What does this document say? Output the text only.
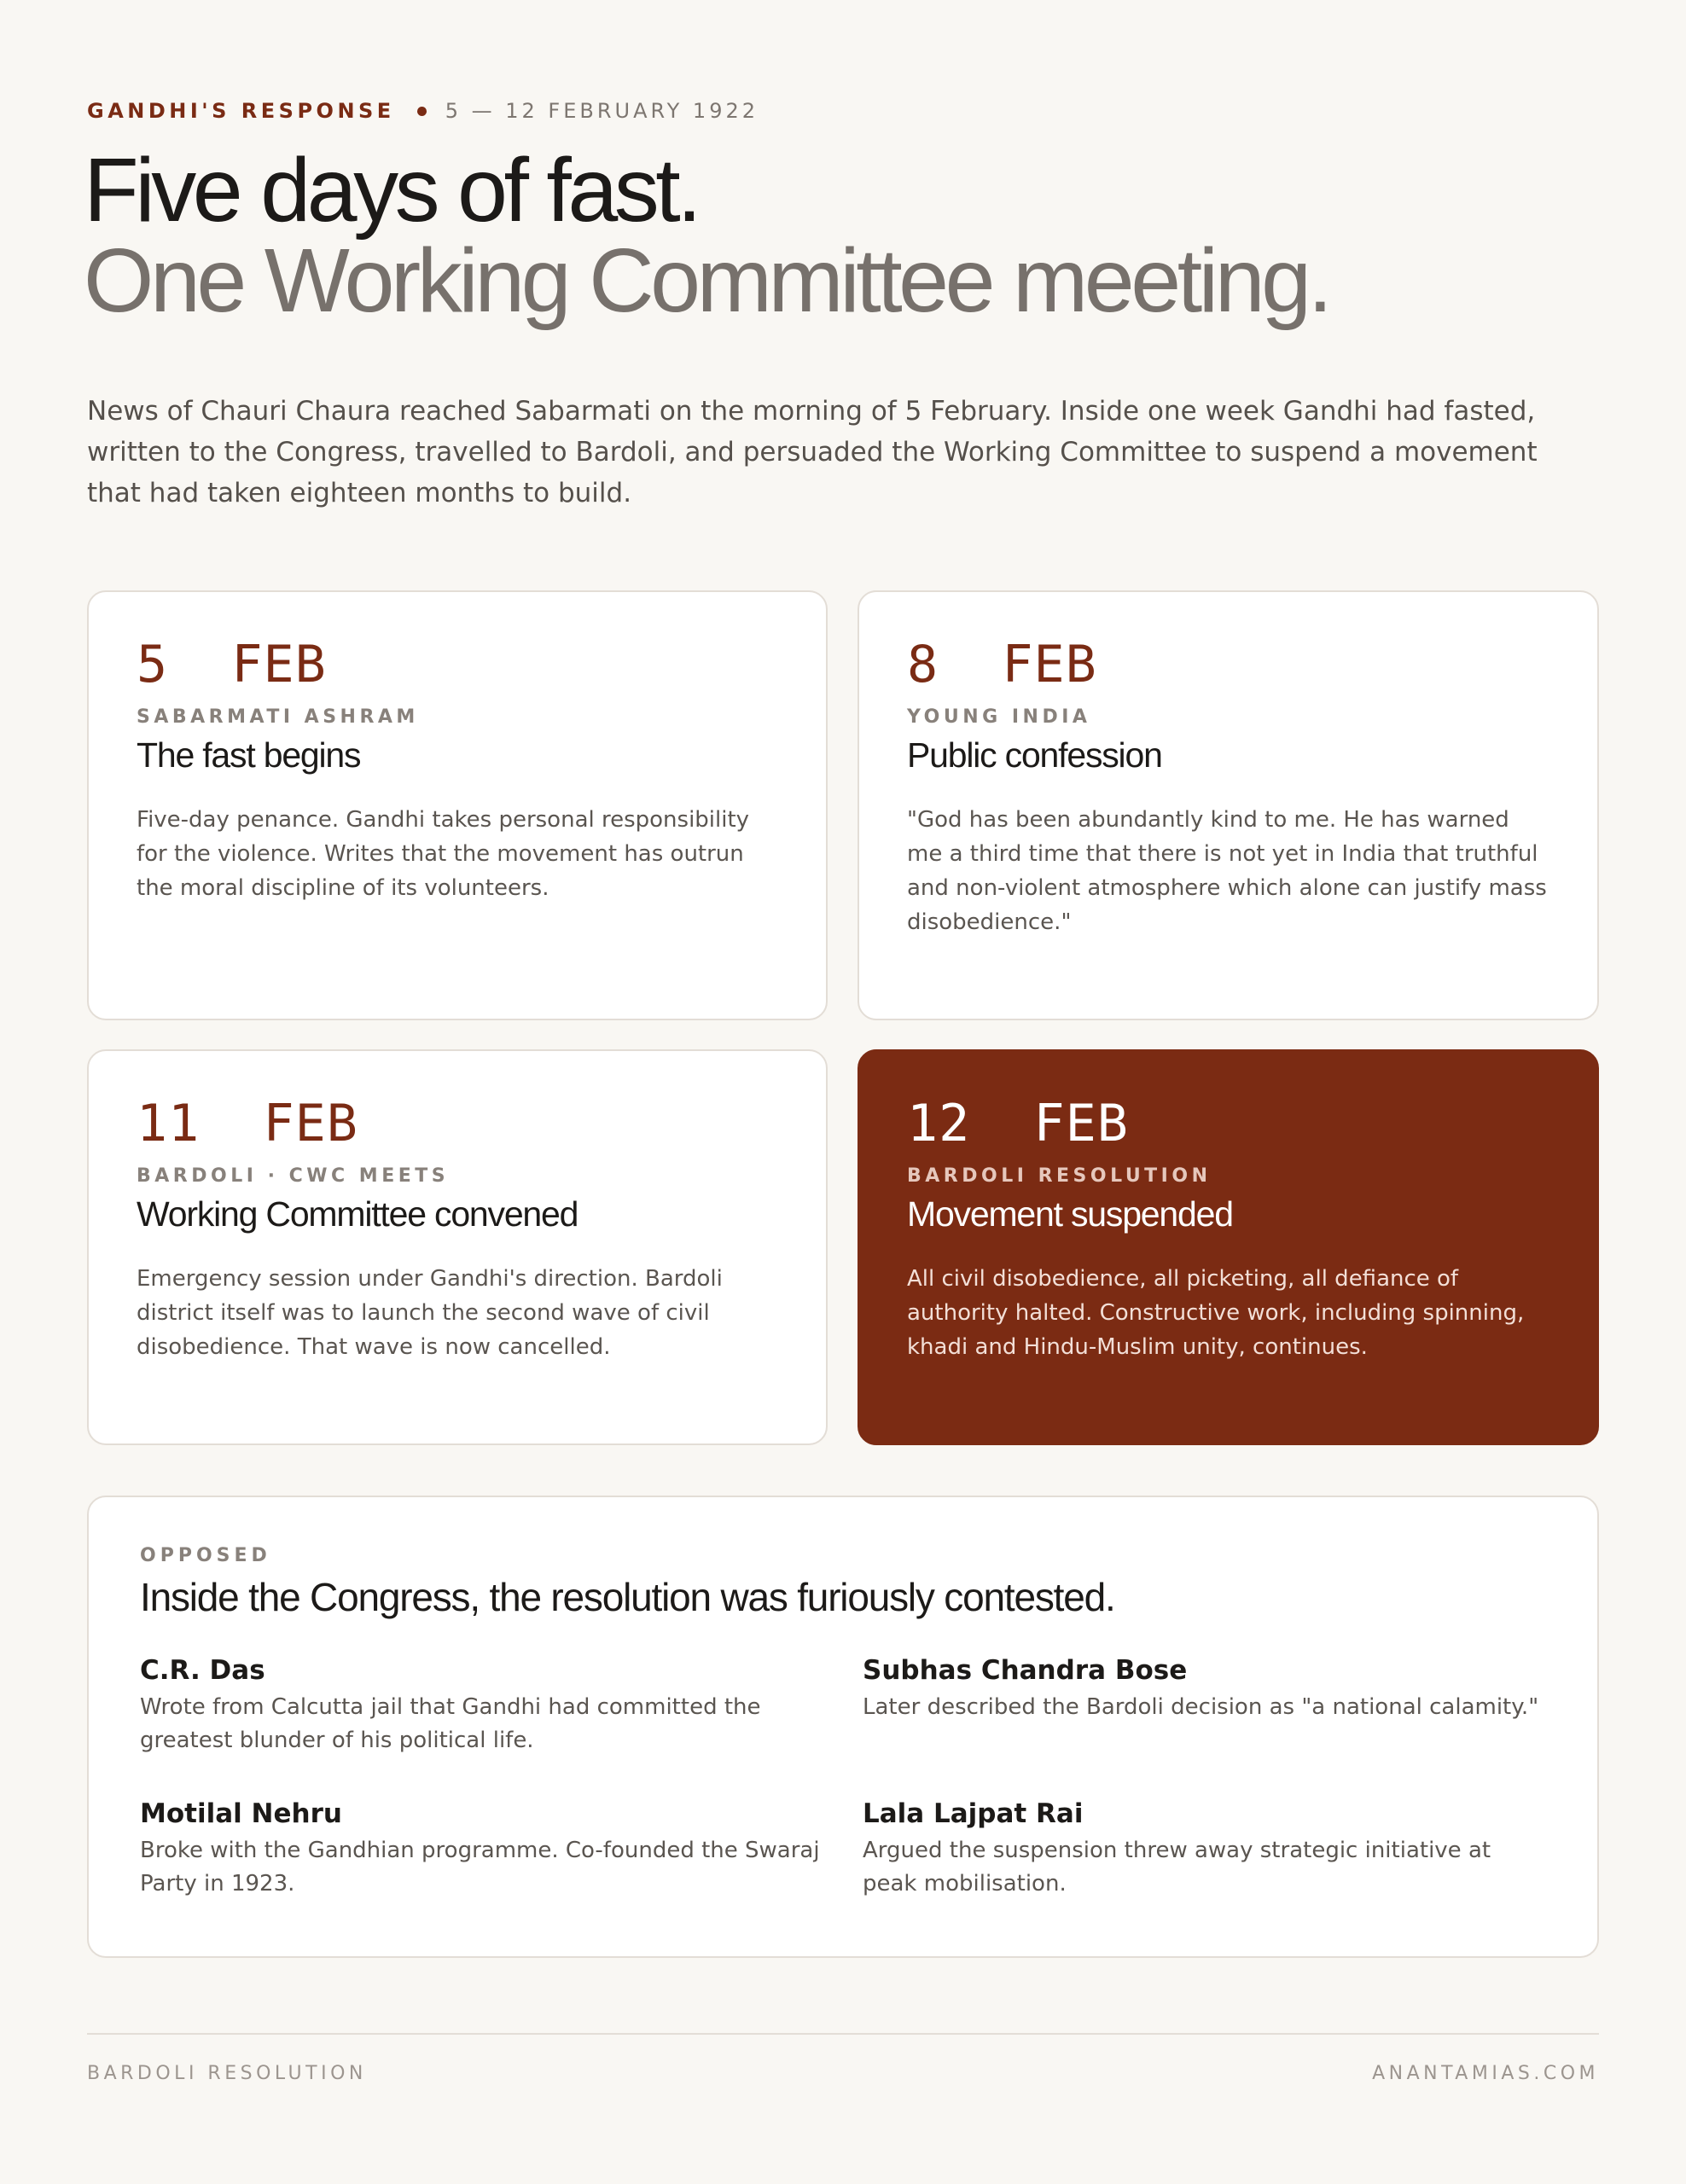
GANDHI'S RESPONSE 5 — 12 FEBRUARY 1922
Five days of fast.
One Working Committee meeting.

News of Chauri Chaura reached Sabarmati on the morning of 5 February. Inside one week Gandhi had fasted, written to the Congress, travelled to Bardoli, and persuaded the Working Committee to suspend a movement that had taken eighteen months to build.

5  FEB
SABARMATI ASHRAM
The fast begins
Five-day penance. Gandhi takes personal responsibility for the violence. Writes that the movement has outrun the moral discipline of its volunteers.
8  FEB
YOUNG INDIA
Public confession
"God has been abundantly kind to me. He has warned me a third time that there is not yet in India that truthful and non-violent atmosphere which alone can justify mass disobedience."
11  FEB
BARDOLI · CWC MEETS
Working Committee convened
Emergency session under Gandhi's direction. Bardoli district itself was to launch the second wave of civil disobedience. That wave is now cancelled.
12  FEB
BARDOLI RESOLUTION
Movement suspended
All civil disobedience, all picketing, all defiance of authority halted. Constructive work, including spinning, khadi and Hindu-Muslim unity, continues.
OPPOSED
Inside the Congress, the resolution was furiously contested.
C.R. Das
Wrote from Calcutta jail that Gandhi had committed the greatest blunder of his political life.
Subhas Chandra Bose
Later described the Bardoli decision as "a national calamity."
Motilal Nehru
Broke with the Gandhian programme. Co-founded the Swaraj Party in 1923.
Lala Lajpat Rai
Argued the suspension threw away strategic initiative at peak mobilisation.
BARDOLI RESOLUTION	ANANTAMIAS.COM
